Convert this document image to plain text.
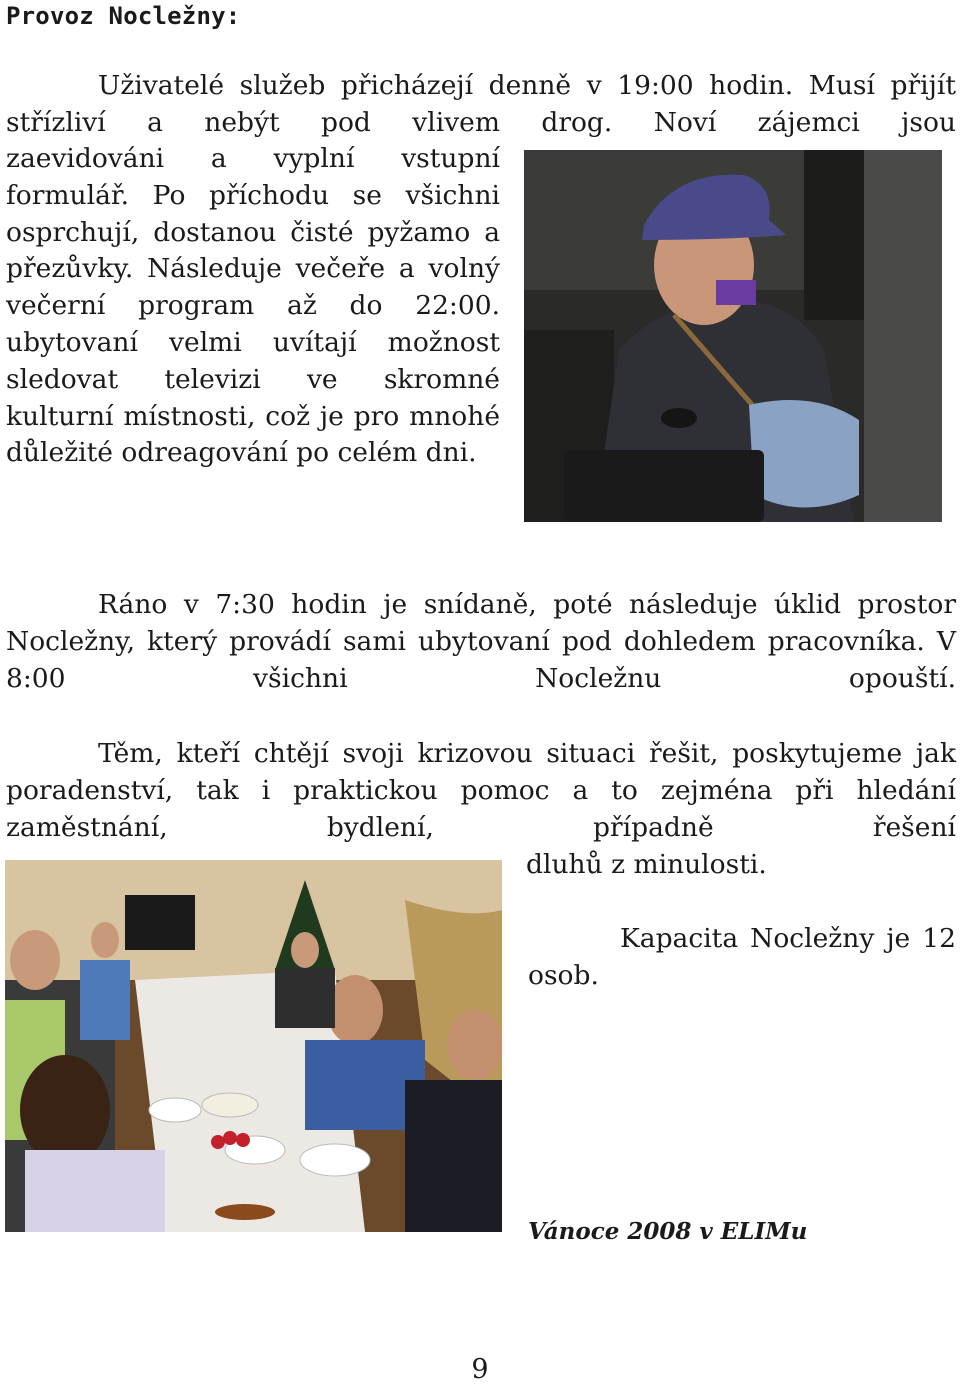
Provoz Nocležny:

Uživatelé služeb přicházejí denně v 19:00 hodin. Musí přijít střízliví a nebýt pod vlivem drog. Noví zájemci jsou

zaevidováni a vyplní vstupní formulář. Po příchodu se všichni osprchují, dostanou čisté pyžamo a přezůvky. Následuje večeře a volný večerní program až do 22:00. ubytovaní velmi uvítají možnost sledovat televizi ve skromné kulturní místnosti, což je pro mnohé důležité odreagování po celém dni.

Ráno v 7:30 hodin je snídaně, poté následuje úklid prostor Nocležny, který provádí sami ubytovaní pod dohledem pracovníka. V 8:00 všichni Nocležnu opouští.

Těm, kteří chtějí svoji krizovou situaci řešit, poskytujeme jak poradenství, tak i praktickou pomoc a to zejména při hledání zaměstnání, bydlení, případně řešení

dluhů z minulosti.

Kapacita Nocležny je 12 osob.

Vánoce 2008 v ELIMu
9
